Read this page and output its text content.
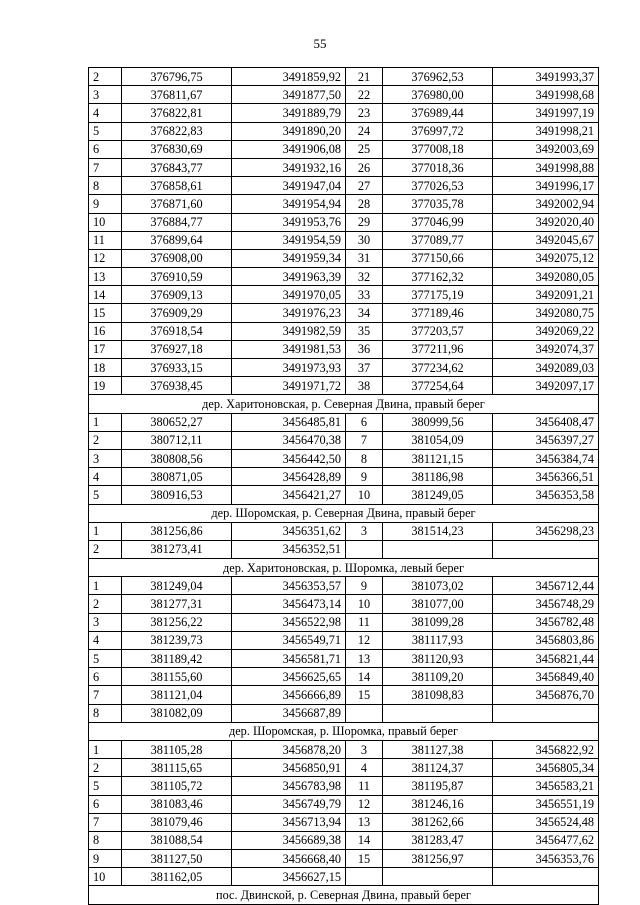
55
2	376796,75	3491859,92	21	376962,53	3491993,37
3	376811,67	3491877,50	22	376980,00	3491998,68
4	376822,81	3491889,79	23	376989,44	3491997,19
5	376822,83	3491890,20	24	376997,72	3491998,21
6	376830,69	3491906,08	25	377008,18	3492003,69
7	376843,77	3491932,16	26	377018,36	3491998,88
8	376858,61	3491947,04	27	377026,53	3491996,17
9	376871,60	3491954,94	28	377035,78	3492002,94
10	376884,77	3491953,76	29	377046,99	3492020,40
11	376899,64	3491954,59	30	377089,77	3492045,67
12	376908,00	3491959,34	31	377150,66	3492075,12
13	376910,59	3491963,39	32	377162,32	3492080,05
14	376909,13	3491970,05	33	377175,19	3492091,21
15	376909,29	3491976,23	34	377189,46	3492080,75
16	376918,54	3491982,59	35	377203,57	3492069,22
17	376927,18	3491981,53	36	377211,96	3492074,37
18	376933,15	3491973,93	37	377234,62	3492089,03
19	376938,45	3491971,72	38	377254,64	3492097,17
дер. Харитоновская, р. Северная Двина, правый берег					
1	380652,27	3456485,81	6	380999,56	3456408,47
2	380712,11	3456470,38	7	381054,09	3456397,27
3	380808,56	3456442,50	8	381121,15	3456384,74
4	380871,05	3456428,89	9	381186,98	3456366,51
5	380916,53	3456421,27	10	381249,05	3456353,58
дер. Шоромская, р. Северная Двина, правый берег					
1	381256,86	3456351,62	3	381514,23	3456298,23
2	381273,41	3456352,51			
дер. Харитоновская, р. Шоромка, левый берег					
1	381249,04	3456353,57	9	381073,02	3456712,44
2	381277,31	3456473,14	10	381077,00	3456748,29
3	381256,22	3456522,98	11	381099,28	3456782,48
4	381239,73	3456549,71	12	381117,93	3456803,86
5	381189,42	3456581,71	13	381120,93	3456821,44
6	381155,60	3456625,65	14	381109,20	3456849,40
7	381121,04	3456666,89	15	381098,83	3456876,70
8	381082,09	3456687,89			
дер. Шоромская, р. Шоромка, правый берег					
1	381105,28	3456878,20	3	381127,38	3456822,92
2	381115,65	3456850,91	4	381124,37	3456805,34
5	381105,72	3456783,98	11	381195,87	3456583,21
6	381083,46	3456749,79	12	381246,16	3456551,19
7	381079,46	3456713,94	13	381262,66	3456524,48
8	381088,54	3456689,38	14	381283,47	3456477,62
9	381127,50	3456668,40	15	381256,97	3456353,76
10	381162,05	3456627,15			
пос. Двинской, р. Северная Двина, правый берег					
